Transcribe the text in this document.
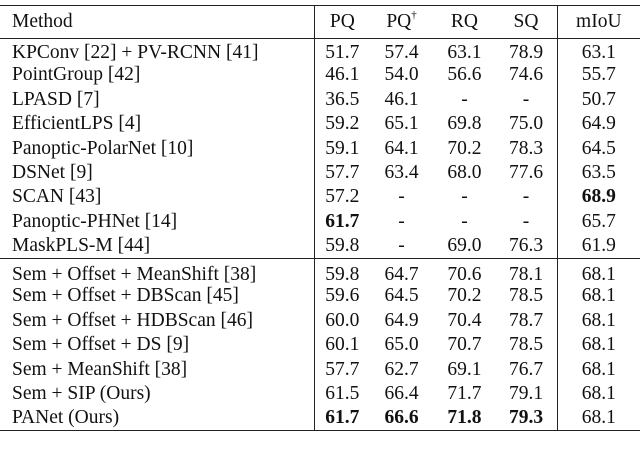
Method	PQ	PQ†	RQ	SQ	mIoU
KPConv [22] + PV-RCNN [41]	51.7	57.4	63.1	78.9	63.1
PointGroup [42]	46.1	54.0	56.6	74.6	55.7
LPASD [7]	36.5	46.1	-	-	50.7
EfficientLPS [4]	59.2	65.1	69.8	75.0	64.9
Panoptic-PolarNet [10]	59.1	64.1	70.2	78.3	64.5
DSNet [9]	57.7	63.4	68.0	77.6	63.5
SCAN [43]	57.2	-	-	-	68.9
Panoptic-PHNet [14]	61.7	-	-	-	65.7
MaskPLS-M [44]	59.8	-	69.0	76.3	61.9
Sem + Offset + MeanShift [38]	59.8	64.7	70.6	78.1	68.1
Sem + Offset + DBScan [45]	59.6	64.5	70.2	78.5	68.1
Sem + Offset + HDBScan [46]	60.0	64.9	70.4	78.7	68.1
Sem + Offset + DS [9]	60.1	65.0	70.7	78.5	68.1
Sem + MeanShift [38]	57.7	62.7	69.1	76.7	68.1
Sem + SIP (Ours)	61.5	66.4	71.7	79.1	68.1
PANet (Ours)	61.7	66.6	71.8	79.3	68.1
